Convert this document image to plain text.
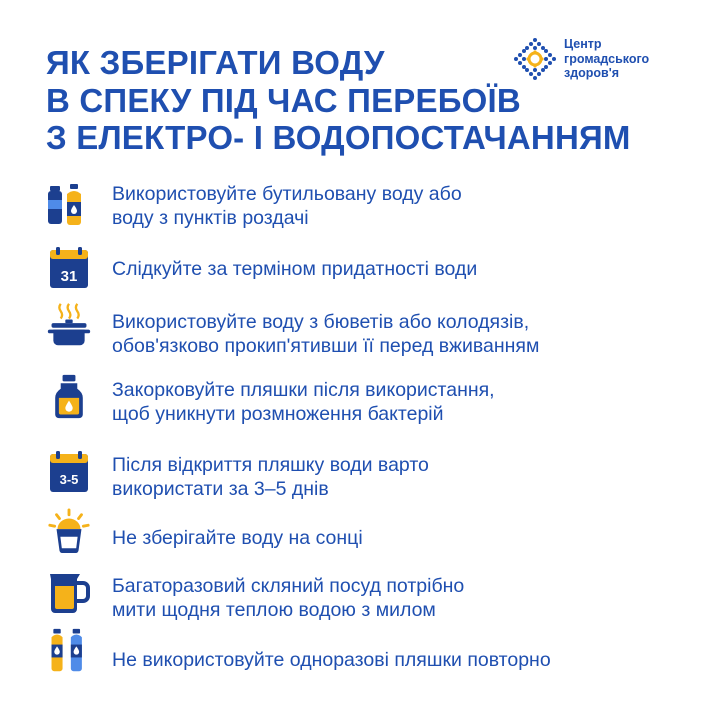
ЯК ЗБЕРІГАТИ ВОДУ
В СПЕКУ ПІД ЧАС ПЕРЕБОЇВ
З ЕЛЕКТРО- І ВОДОПОСТАЧАННЯМ
Центр
громадського
здоров'я
Використовуйте бутильовану воду або
воду з пунктів роздачі
31 Слідкуйте за терміном придатності води
Використовуйте воду з бюветів або колодязів,
обов'язково прокип'ятивши її перед вживанням
Закорковуйте пляшки після використання,
щоб уникнути розмноження бактерій
3-5
Після відкриття пляшку води варто
використати за 3–5 днів
Не зберігайте воду на сонці
Багаторазовий скляний посуд потрібно
мити щодня теплою водою з милом
Не використовуйте одноразові пляшки повторно
